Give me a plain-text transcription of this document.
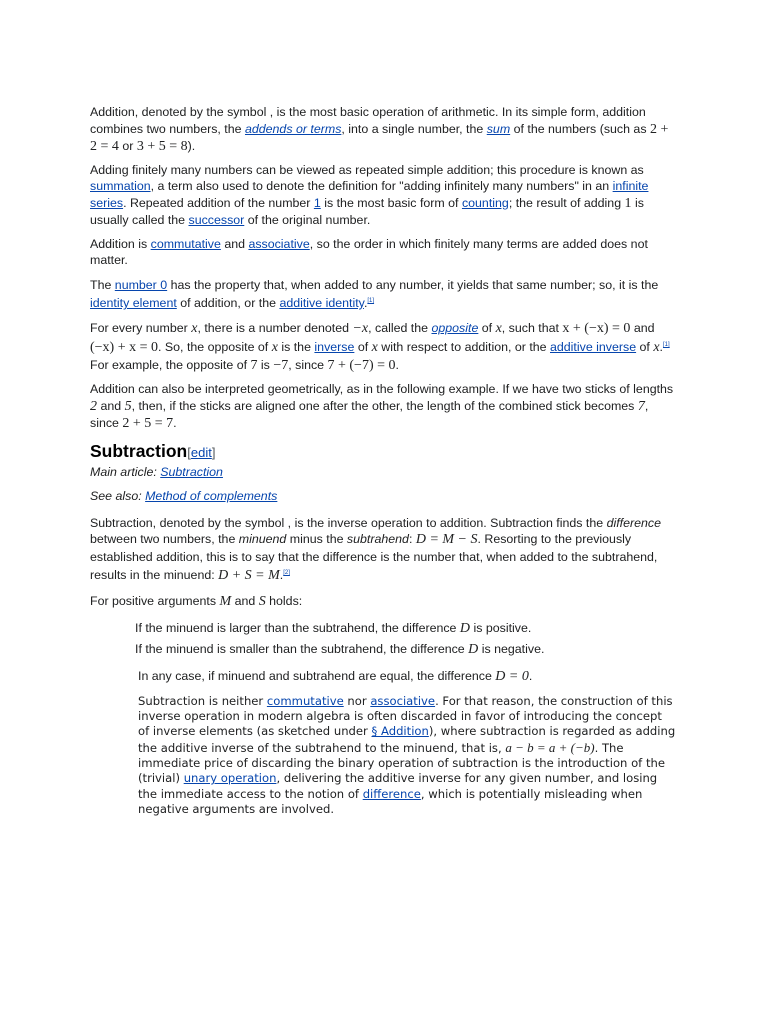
Addition, denoted by the symbol , is the most basic operation of arithmetic. In its simple form, addition combines two numbers, the addends or terms, into a single number, the sum of the numbers (such as 2 + 2 = 4 or 3 + 5 = 8).

Adding finitely many numbers can be viewed as repeated simple addition; this procedure is known as summation, a term also used to denote the definition for "adding infinitely many numbers" in an infinite series. Repeated addition of the number 1 is the most basic form of counting; the result of adding 1 is usually called the successor of the original number.

Addition is commutative and associative, so the order in which finitely many terms are added does not matter.

The number 0 has the property that, when added to any number, it yields that same number; so, it is the identity element of addition, or the additive identity.[1]

For every number x, there is a number denoted −x, called the opposite of x, such that x + (−x) = 0 and (−x) + x = 0. So, the opposite of x is the inverse of x with respect to addition, or the additive inverse of x.[1] For example, the opposite of 7 is −7, since 7 + (−7) = 0.

Addition can also be interpreted geometrically, as in the following example. If we have two sticks of lengths 2 and 5, then, if the sticks are aligned one after the other, the length of the combined stick becomes 7, since 2 + 5 = 7.

Subtraction[edit]

Main article: Subtraction

See also: Method of complements

Subtraction, denoted by the symbol , is the inverse operation to addition. Subtraction finds the difference between two numbers, the minuend minus the subtrahend: D = M − S. Resorting to the previously established addition, this is to say that the difference is the number that, when added to the subtrahend, results in the minuend: D + S = M.[2]

For positive arguments M and S holds:

If the minuend is larger than the subtrahend, the difference D is positive.

If the minuend is smaller than the subtrahend, the difference D is negative.

In any case, if minuend and subtrahend are equal, the difference D = 0.

Subtraction is neither commutative nor associative. For that reason, the construction of this inverse operation in modern algebra is often discarded in favor of introducing the concept of inverse elements (as sketched under § Addition), where subtraction is regarded as adding the additive inverse of the subtrahend to the minuend, that is, a − b = a + (−b). The immediate price of discarding the binary operation of subtraction is the introduction of the (trivial) unary operation, delivering the additive inverse for any given number, and losing the immediate access to the notion of difference, which is potentially misleading when negative arguments are involved.
